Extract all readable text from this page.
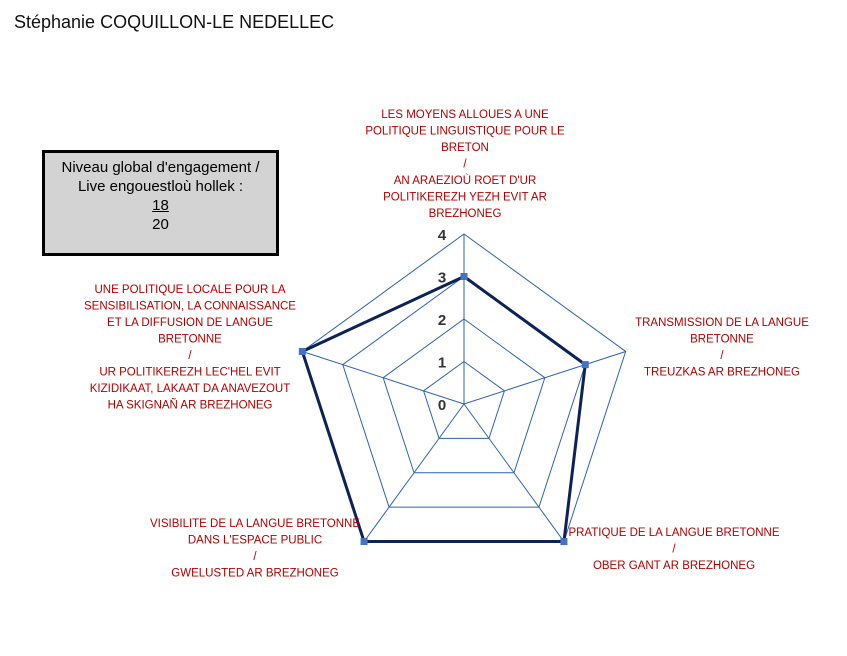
Stéphanie COQUILLON-LE NEDELLEC
Niveau global d'engagement /
Live engouestloù hollek :
18
20
0
1
2
3
4
LES MOYENS ALLOUES A UNE POLITIQUE LINGUISTIQUE POUR LE BRETON / AN ARAEZIOÙ ROET D'UR POLITIKEREZH YEZH EVIT AR BREZHONEG
TRANSMISSION DE LA LANGUE BRETONNE / TREUZKAS AR BREZHONEG
PRATIQUE DE LA LANGUE BRETONNE / OBER GANT AR BREZHONEG
VISIBILITE DE LA LANGUE BRETONNE DANS L'ESPACE PUBLIC / GWELUSTED AR BREZHONEG
UNE POLITIQUE LOCALE POUR LA SENSIBILISATION, LA CONNAISSANCE ET LA DIFFUSION DE LANGUE BRETONNE / UR POLITIKEREZH LEC'HEL EVIT KIZIDIKAAT, LAKAAT DA ANAVEZOUT HA SKIGNAÑ AR BREZHONEG
